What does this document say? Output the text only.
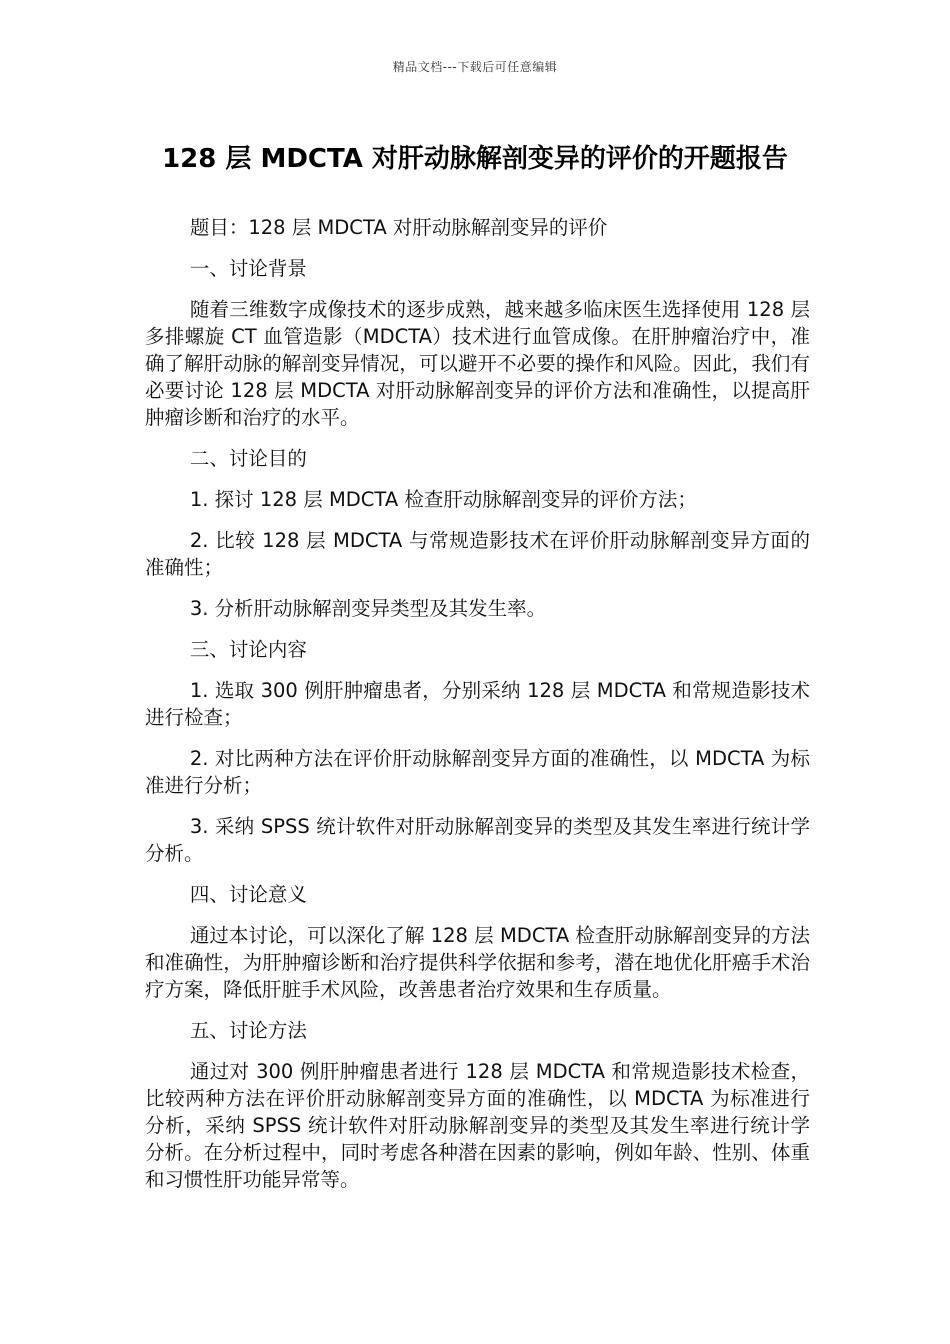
精品文档---下载后可任意编辑
128 层 MDCTA 对肝动脉解剖变异的评价的开题报告

题目：128 层 MDCTA 对肝动脉解剖变异的评价

一、讨论背景

随着三维数字成像技术的逐步成熟，越来越多临床医生选择使用 128 层多排螺旋 CT 血管造影（MDCTA）技术进行血管成像。在肝肿瘤治疗中，准确了解肝动脉的解剖变异情况，可以避开不必要的操作和风险。因此，我们有必要讨论 128 层 MDCTA 对肝动脉解剖变异的评价方法和准确性，以提高肝肿瘤诊断和治疗的水平。

二、讨论目的

1. 探讨 128 层 MDCTA 检查肝动脉解剖变异的评价方法；

2. 比较 128 层 MDCTA 与常规造影技术在评价肝动脉解剖变异方面的准确性；

3. 分析肝动脉解剖变异类型及其发生率。

三、讨论内容

1. 选取 300 例肝肿瘤患者，分别采纳 128 层 MDCTA 和常规造影技术进行检查；

2. 对比两种方法在评价肝动脉解剖变异方面的准确性，以 MDCTA 为标准进行分析；

3. 采纳 SPSS 统计软件对肝动脉解剖变异的类型及其发生率进行统计学分析。

四、讨论意义

通过本讨论，可以深化了解 128 层 MDCTA 检查肝动脉解剖变异的方法和准确性，为肝肿瘤诊断和治疗提供科学依据和参考，潜在地优化肝癌手术治疗方案，降低肝脏手术风险，改善患者治疗效果和生存质量。

五、讨论方法

通过对 300 例肝肿瘤患者进行 128 层 MDCTA 和常规造影技术检查，比较两种方法在评价肝动脉解剖变异方面的准确性，以 MDCTA 为标准进行分析，采纳 SPSS 统计软件对肝动脉解剖变异的类型及其发生率进行统计学分析。在分析过程中，同时考虑各种潜在因素的影响，例如年龄、性别、体重和习惯性肝功能异常等。
